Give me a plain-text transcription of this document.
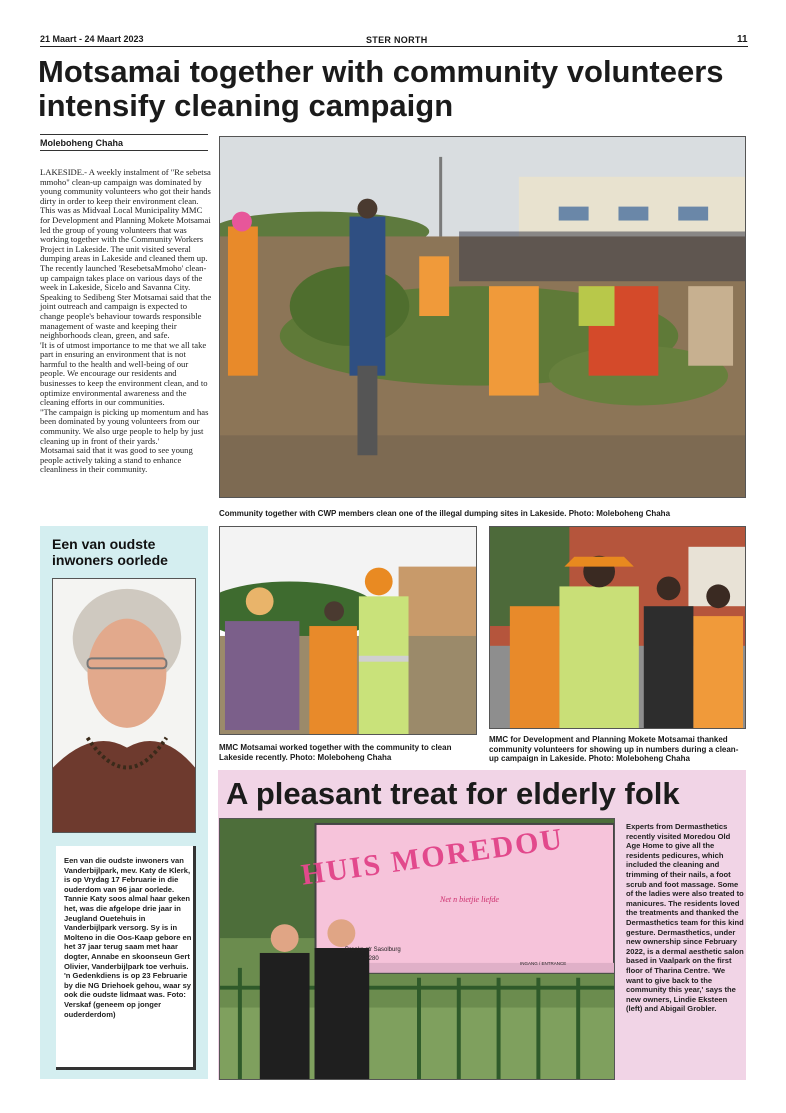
21 Maart - 24 Maart 2023	STER NORTH	11
Motsamai together with community volunteers intensify cleaning campaign
Moleboheng Chaha

LAKESIDE.- A weekly instalment of "Re sebetsa mmoho" clean-up campaign was dominated by young community volunteers who got their hands dirty in order to keep their environment clean.

This was as Midvaal Local Municipality MMC for Development and Planning Mokete Motsamai led the group of young volunteers that was working together with the Community Workers Project in Lakeside. The unit visited several dumping areas in Lakeside and cleaned them up.

The recently launched 'ResebetsaMmoho' clean-up campaign takes place on various days of the week in Lakeside, Sicelo and Savanna City. Speaking to Sedibeng Ster Motsamai said that the joint outreach and campaign is expected to change people's behaviour towards responsible management of waste and keeping their neighborhoods clean, green, and safe.

'It is of utmost importance to me that we all take part in ensuring an environment that is not harmful to the health and well-being of our people. We encourage our residents and businesses to keep the environment clean, and to optimize environmental awareness and the cleaning efforts in our communities.

"The campaign is picking up momentum and has been dominated by young volunteers from our community. We also urge people to help by just cleaning up in front of their yards.'

Motsamai said that it was good to see young people actively taking a stand to enhance cleanliness in their community.

Community together with CWP members clean one of the illegal dumping sites in Lakeside. Photo: Moleboheng Chaha
MMC Motsamai worked together with the community to clean Lakeside recently. Photo: Moleboheng Chaha
MMC for Development and Planning Mokete Motsamai thanked community volunteers for showing up in numbers during a clean-up campaign in Lakeside. Photo: Moleboheng Chaha
Een van oudste inwoners oorlede
Een van die oudste inwoners van Vanderbijlpark, mev. Katy de Klerk, is op Vrydag 17 Februarie in die ouderdom van 96 jaar oorlede. Tannie Katy soos almal haar geken het, was die afgelope drie jaar in Jeugland Ouetehuis in Vanderbijlpark versorg. Sy is in Molteno in die Oos-Kaap gebore en het 37 jaar terug saam met haar dogter, Annabe en skoonseun Gert Olivier, Vanderbijlpark toe verhuis. 'n Gedenkdiens is op 23 Februarie by die NG Driehoek gehou, waar sy ook die oudste lidmaat was. Foto: Verskaf (geneem op jonger ouderderdom)
A pleasant treat for elderly folk
HUIS MOREDOU
Net n bietjie liefde
Brooks str Sasolburg
3-5280
INGANG / ENTRANCE
Experts from Dermasthetics recently visited Moredou Old Age Home to give all the residents pedicures, which included the cleaning and trimming of their nails, a foot scrub and foot massage. Some of the ladies were also treated to manicures. The residents loved the treatments and thanked the Dermasthetics team for this kind gesture. Dermasthetics, under new ownership since February 2022, is a dermal aesthetic salon based in Vaalpark on the first floor of Tharina Centre. 'We want to give back to the community this year,' says the new owners, Lindie Eksteen (left) and Abigail Grobler.
